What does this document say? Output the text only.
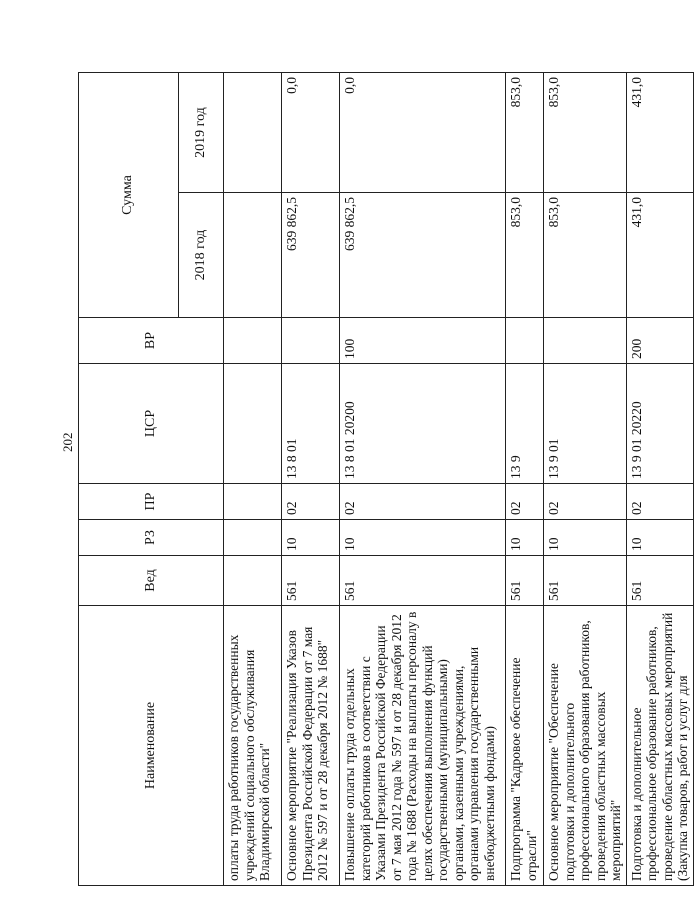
202
Наименование	Вед	РЗ	ПР	ЦСР	ВР	Сумма	
						2018 год	2019 год
оплаты труда работников государственных учреждений социального обслуживания Владимирской области"							
Основное мероприятие "Реализация Указов Президента Российской Федерации от 7 мая 2012 № 597 и от 28 декабря 2012 № 1688"	561	10	02	13 8 01		639 862,5	0,0
Повышение оплаты труда отдельных категорий работников в соответствии с Указами Президента Российской Федерации от 7 мая 2012 года № 597 и от 28 декабря 2012 года № 1688 (Расходы на выплаты персоналу в целях обеспечения выполнения функций государственными (муниципальными) органами, казенными учреждениями, органами управления государственными внебюджетными фондами)	561	10	02	13 8 01 20200	100	639 862,5	0,0
Подпрограмма "Кадровое обеспечение отрасли"	561	10	02	13 9		853,0	853,0
Основное мероприятие "Обеспечение подготовки и дополнительного профессионального образования работников, проведения областных массовых мероприятий"	561	10	02	13 9 01		853,0	853,0
Подготовка и дополнительное профессиональное образование работников, проведение областных массовых мероприятий (Закупка товаров, работ и услуг для	561	10	02	13 9 01 20220	200	431,0	431,0
